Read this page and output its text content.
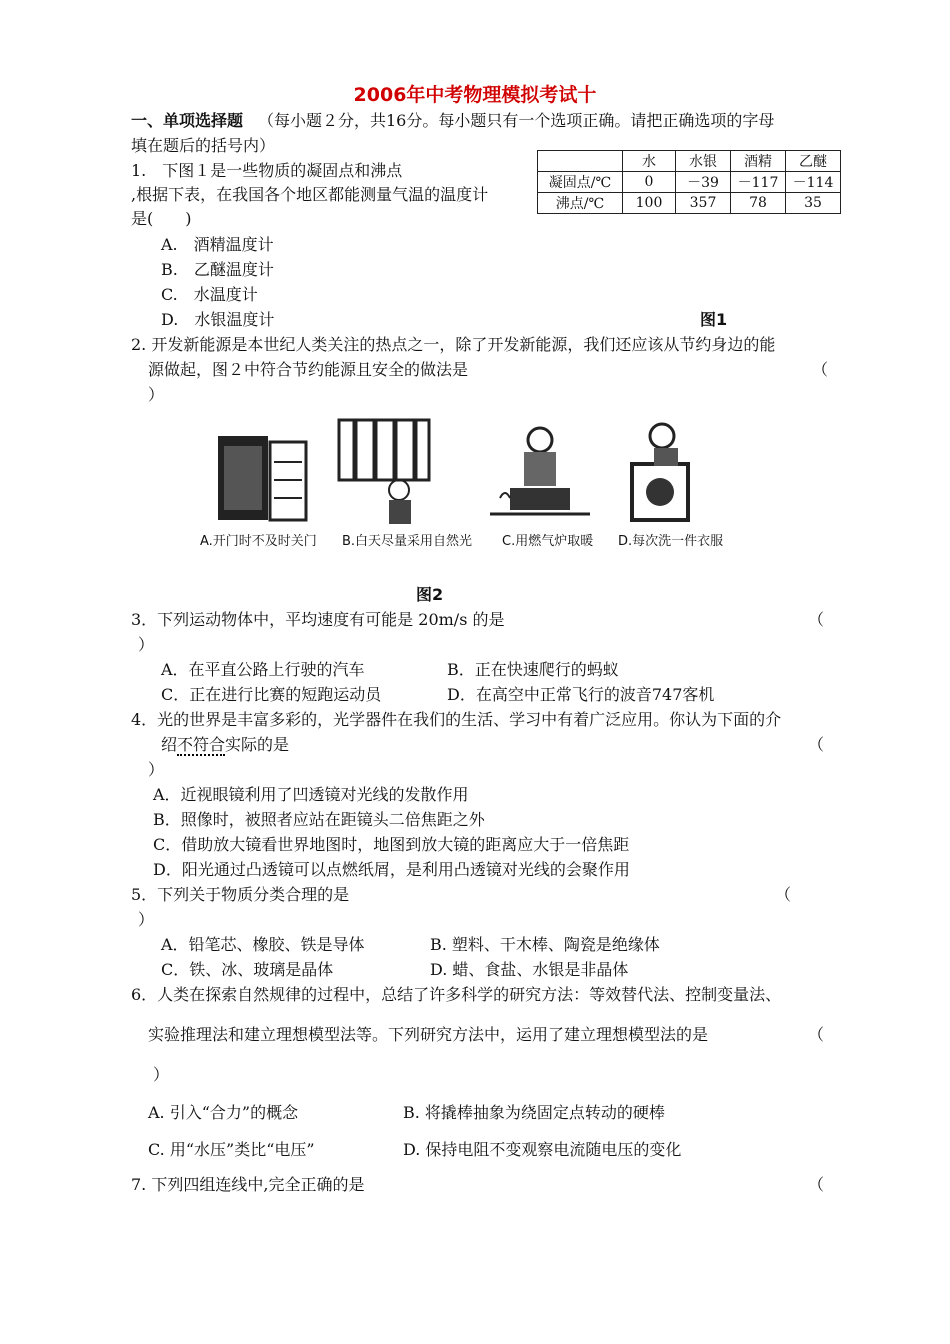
2006年中考物理模拟考试十
一、单项选择题 （每小题２分，共16分。每小题只有一个选项正确。请把正确选项的字母
填在题后的括号内）
1.　下图１是一些物质的凝固点和沸点
,根据下表，在我国各个地区都能测量气温的温度计
是(　　)
A.　酒精温度计
B.　乙醚温度计
C.　水温度计
D.　水银温度计	图1
	水	水银	酒精	乙醚
凝固点/℃	0	－39	－117	－114
沸点/℃	100	357	78	35
2. 开发新能源是本世纪人类关注的热点之一，除了开发新能源，我们还应该从节约身边的能
源做起，图２中符合节约能源且安全的做法是	（
）
A.开门时不及时关门 B.白天尽量采用自然光 C.用燃气炉取暖 D.每次洗一件衣服
图2
3．下列运动物体中，平均速度有可能是 20m/s 的是	（
）
A．在平直公路上行驶的汽车	B．正在快速爬行的蚂蚁
C．正在进行比赛的短跑运动员	D．在高空中正常飞行的波音747客机
4．光的世界是丰富多彩的，光学器件在我们的生活、学习中有着广泛应用。你认为下面的介
绍不符合实际的是	（
）
A．近视眼镜利用了凹透镜对光线的发散作用
B．照像时，被照者应站在距镜头二倍焦距之外
C．借助放大镜看世界地图时，地图到放大镜的距离应大于一倍焦距
D．阳光通过凸透镜可以点燃纸屑，是利用凸透镜对光线的会聚作用
5．下列关于物质分类合理的是	（
）
A．铅笔芯、橡胶、铁是导体	B. 塑料、干木棒、陶瓷是绝缘体
C．铁、冰、玻璃是晶体	D. 蜡、食盐、水银是非晶体
6．人类在探索自然规律的过程中，总结了许多科学的研究方法：等效替代法、控制变量法、
实验推理法和建立理想模型法等。下列研究方法中，运用了建立理想模型法的是	（
）
A. 引入“合力”的概念	B. 将撬棒抽象为绕固定点转动的硬棒
C. 用“水压”类比“电压”	D. 保持电阻不变观察电流随电压的变化
7. 下列四组连线中,完全正确的是	（
